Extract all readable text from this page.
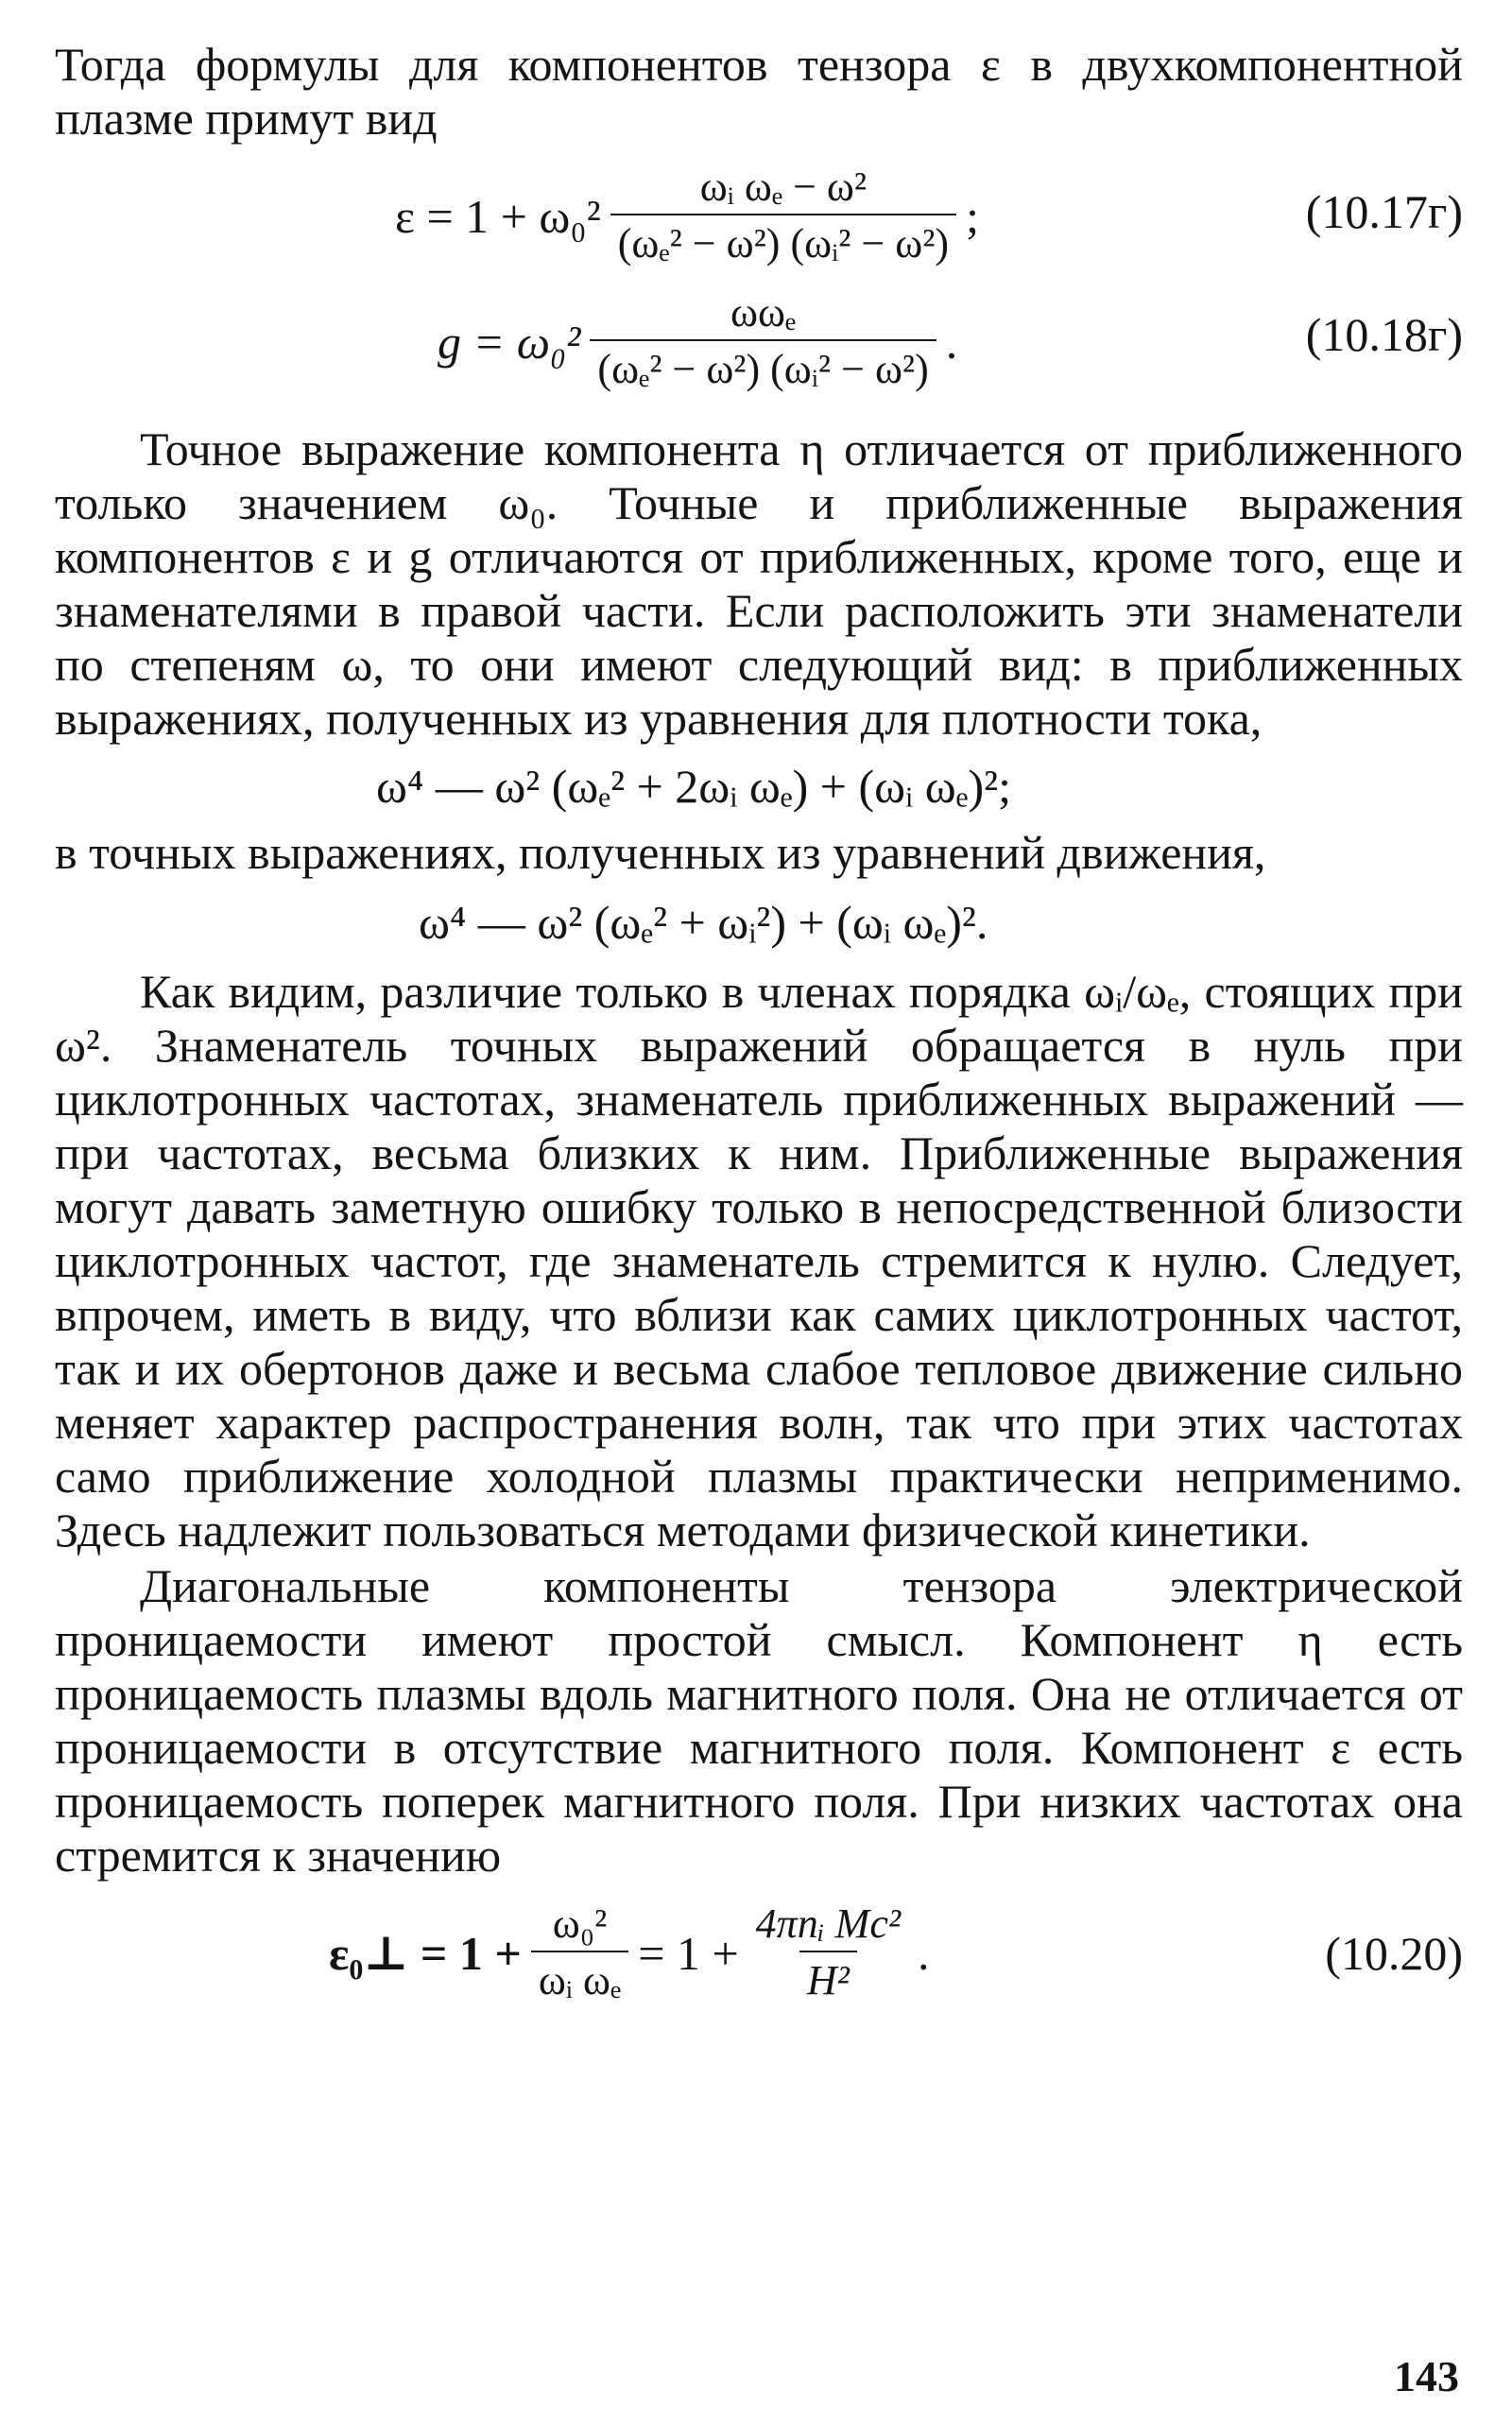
Тогда формулы для компонентов тензора ε в двухкомпонентной плазме примут вид

$\varepsilon = 1 + \omega_0^2 \frac{\text{ωᵢ ωₑ − ω²}}{\text{(ωₑ² − ω²) (ωᵢ² − ω²)}}$ ;	(10.17г)
$g = \omega_0^2 \frac{\text{ωωₑ}}{\text{(ωₑ² − ω²) (ωᵢ² − ω²)}}$ .	(10.18г)

Точное выражение компонента η отличается от приближенного только значением ω₀. Точные и приближенные выражения компонентов ε и g отличаются от приближенных, кроме того, еще и знаменателями в правой части. Если расположить эти знаменатели по степеням ω, то они имеют следующий вид: в приближенных выражениях, полученных из уравнения для плотности тока,

ω⁴ — ω² (ωₑ² + 2ωᵢ ωₑ) + (ωᵢ ωₑ)²;

в точных выражениях, полученных из уравнений движения,

ω⁴ — ω² (ωₑ² + ωᵢ²) + (ωᵢ ωₑ)².

Как видим, различие только в членах порядка ωᵢ/ωₑ, стоящих при ω². Знаменатель точных выражений обращается в нуль при циклотронных частотах, знаменатель приближенных выражений — при частотах, весьма близких к ним. Приближенные выражения могут давать заметную ошибку только в непосредственной близости циклотронных частот, где знаменатель стремится к нулю. Следует, впрочем, иметь в виду, что вблизи как самих циклотронных частот, так и их обертонов даже и весьма слабое тепловое движение сильно меняет характер распространения волн, так что при этих частотах само приближение холодной плазмы практически неприменимо. Здесь надлежит пользоваться методами физической кинетики.

Диагональные компоненты тензора электрической проницаемости имеют простой смысл. Компонент η есть проницаемость плазмы вдоль магнитного поля. Она не отличается от проницаемости в отсутствие магнитного поля. Компонент ε есть проницаемость поперек магнитного поля. При низких частотах она стремится к значению

ε₀⊥ = $1 + \frac{\text{ω₀²}}{\text{ωᵢ ωₑ}} = 1 + \frac{\text{4πnᵢ Mc²}}{\text{H²}}$ .	(10.20)
143
